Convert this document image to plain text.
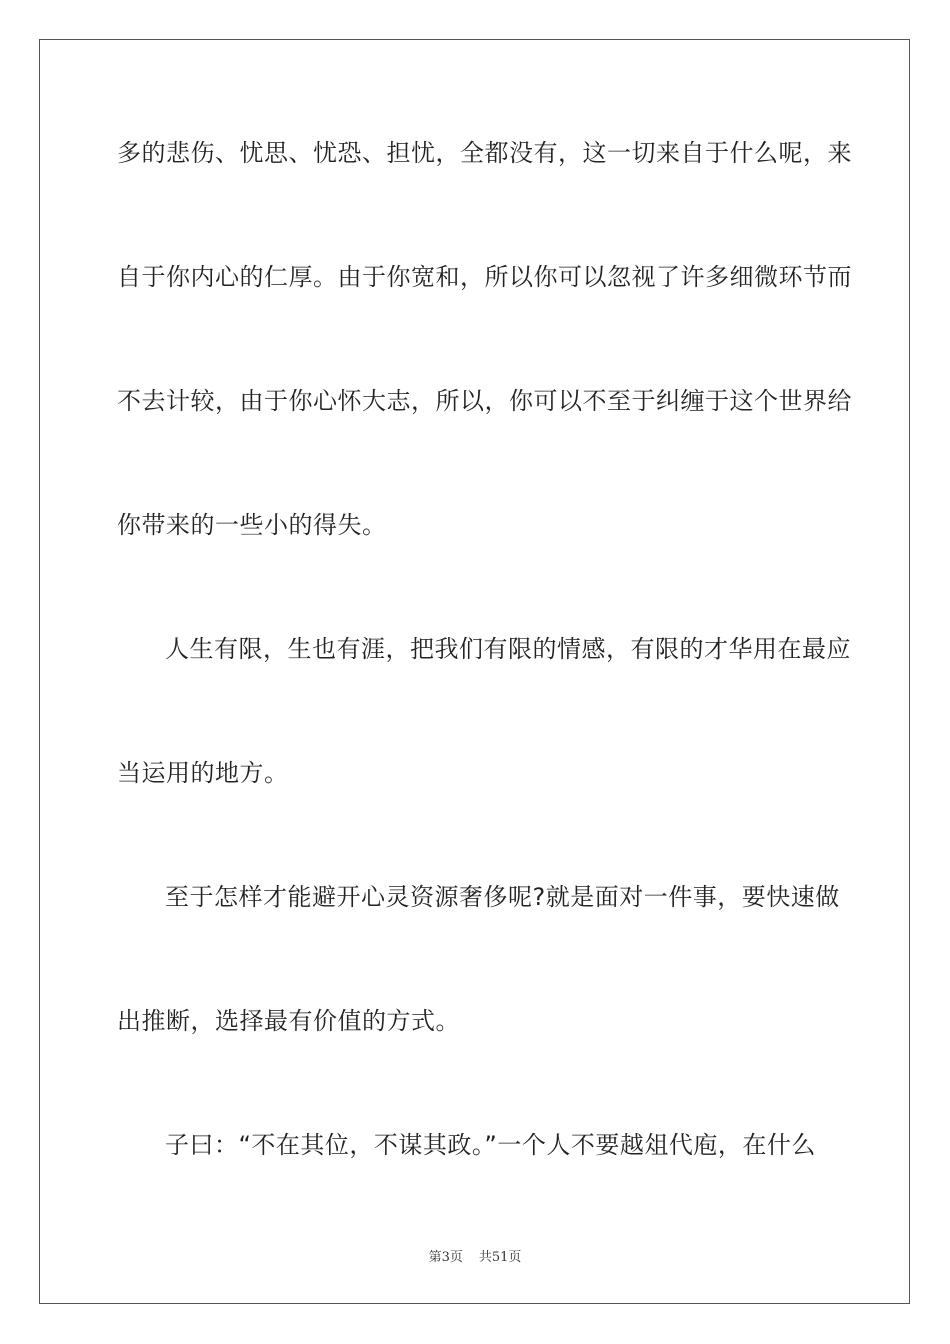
多的悲伤、忧思、忧恐、担忧，全都没有，这一切来自于什么呢，来
自于你内心的仁厚。由于你宽和，所以你可以忽视了许多细微环节而
不去计较，由于你心怀大志，所以，你可以不至于纠缠于这个世界给
你带来的一些小的得失。
人生有限，生也有涯，把我们有限的情感，有限的才华用在最应
当运用的地方。
至于怎样才能避开心灵资源奢侈呢?就是面对一件事，要快速做
出推断，选择最有价值的方式。
子曰：“不在其位，不谋其政。”一个人不要越俎代庖，在什么
第3页 共51页
